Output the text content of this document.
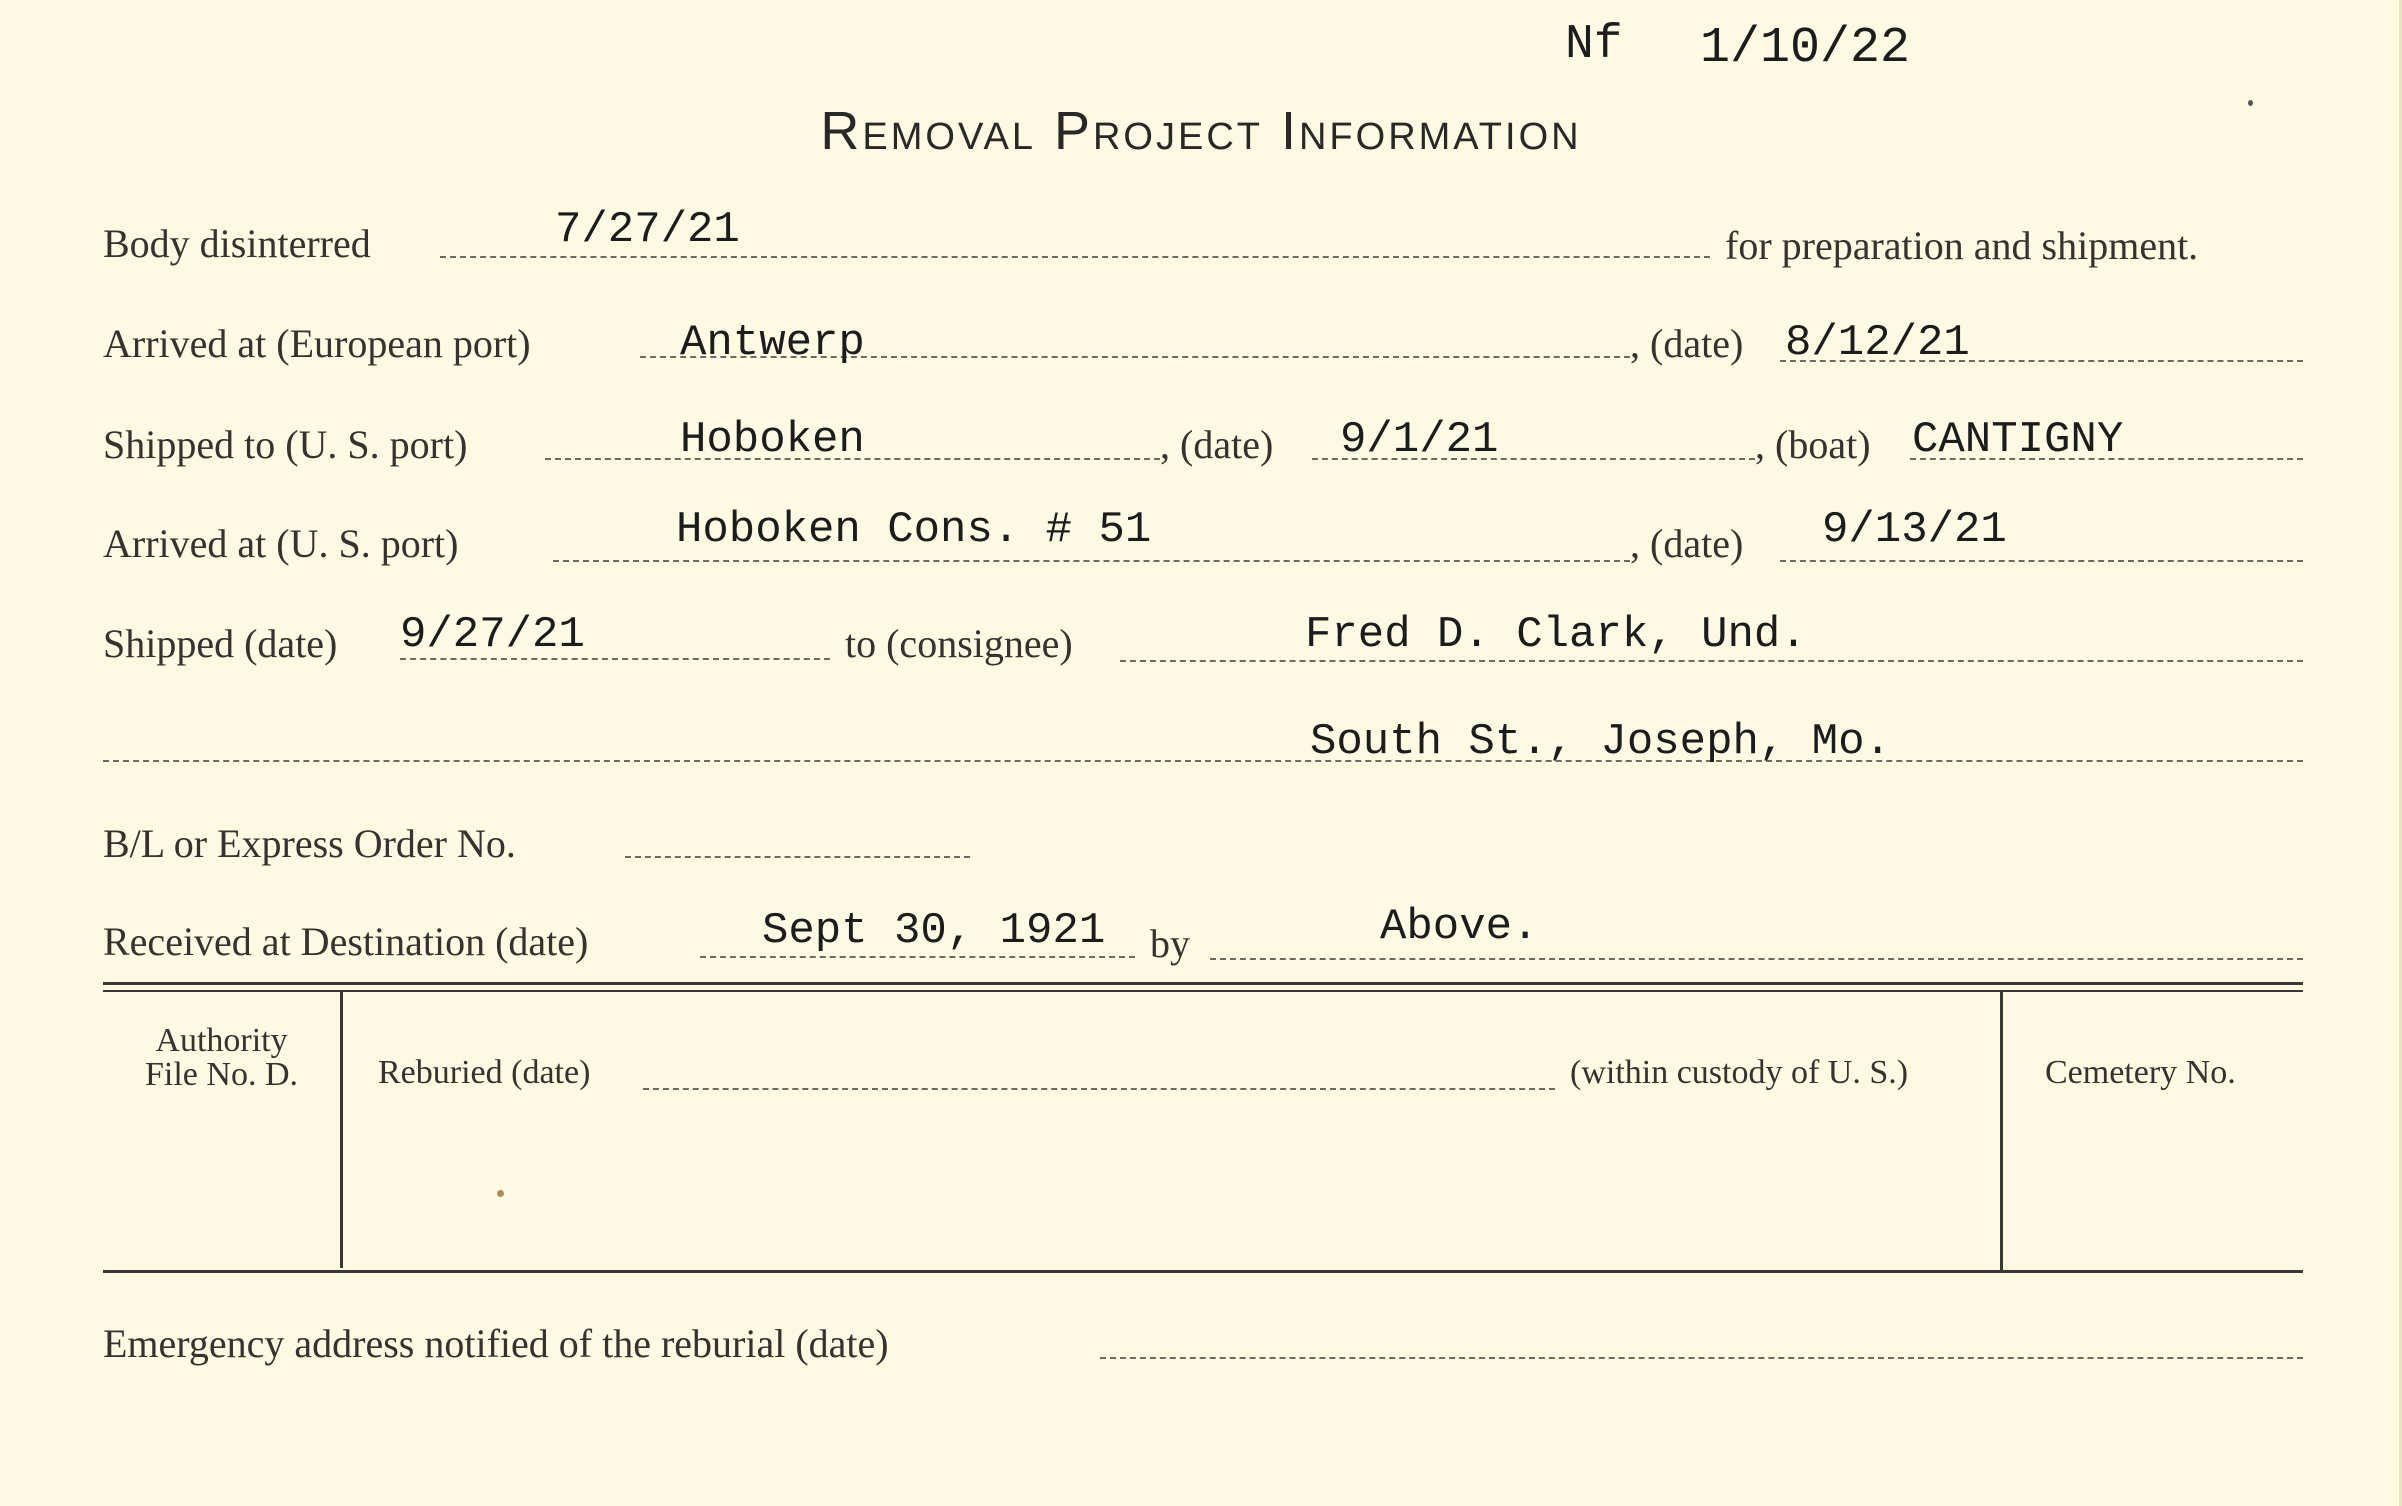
Nf 1/10/22
Removal Project Information
Body disinterred	7/27/21	for preparation and shipment.
Arrived at (European port)	Antwerp	, (date) 8/12/21
Shipped to (U. S. port)	Hoboken	, (date) 9/1/21	, (boat) CANTIGNY
Arrived at (U. S. port)	Hoboken Cons. # 51	, (date) 9/13/21
Shipped (date) 9/27/21	to (consignee)	Fred D. Clark, Und.
South St., Joseph, Mo.
B/L or Express Order No.
Received at Destination (date)	Sept 30, 1921 by	Above.
Authority
File No. D.	Reburied (date)	(within custody of U. S.)	Cemetery No.
Emergency address notified of the reburial (date)
